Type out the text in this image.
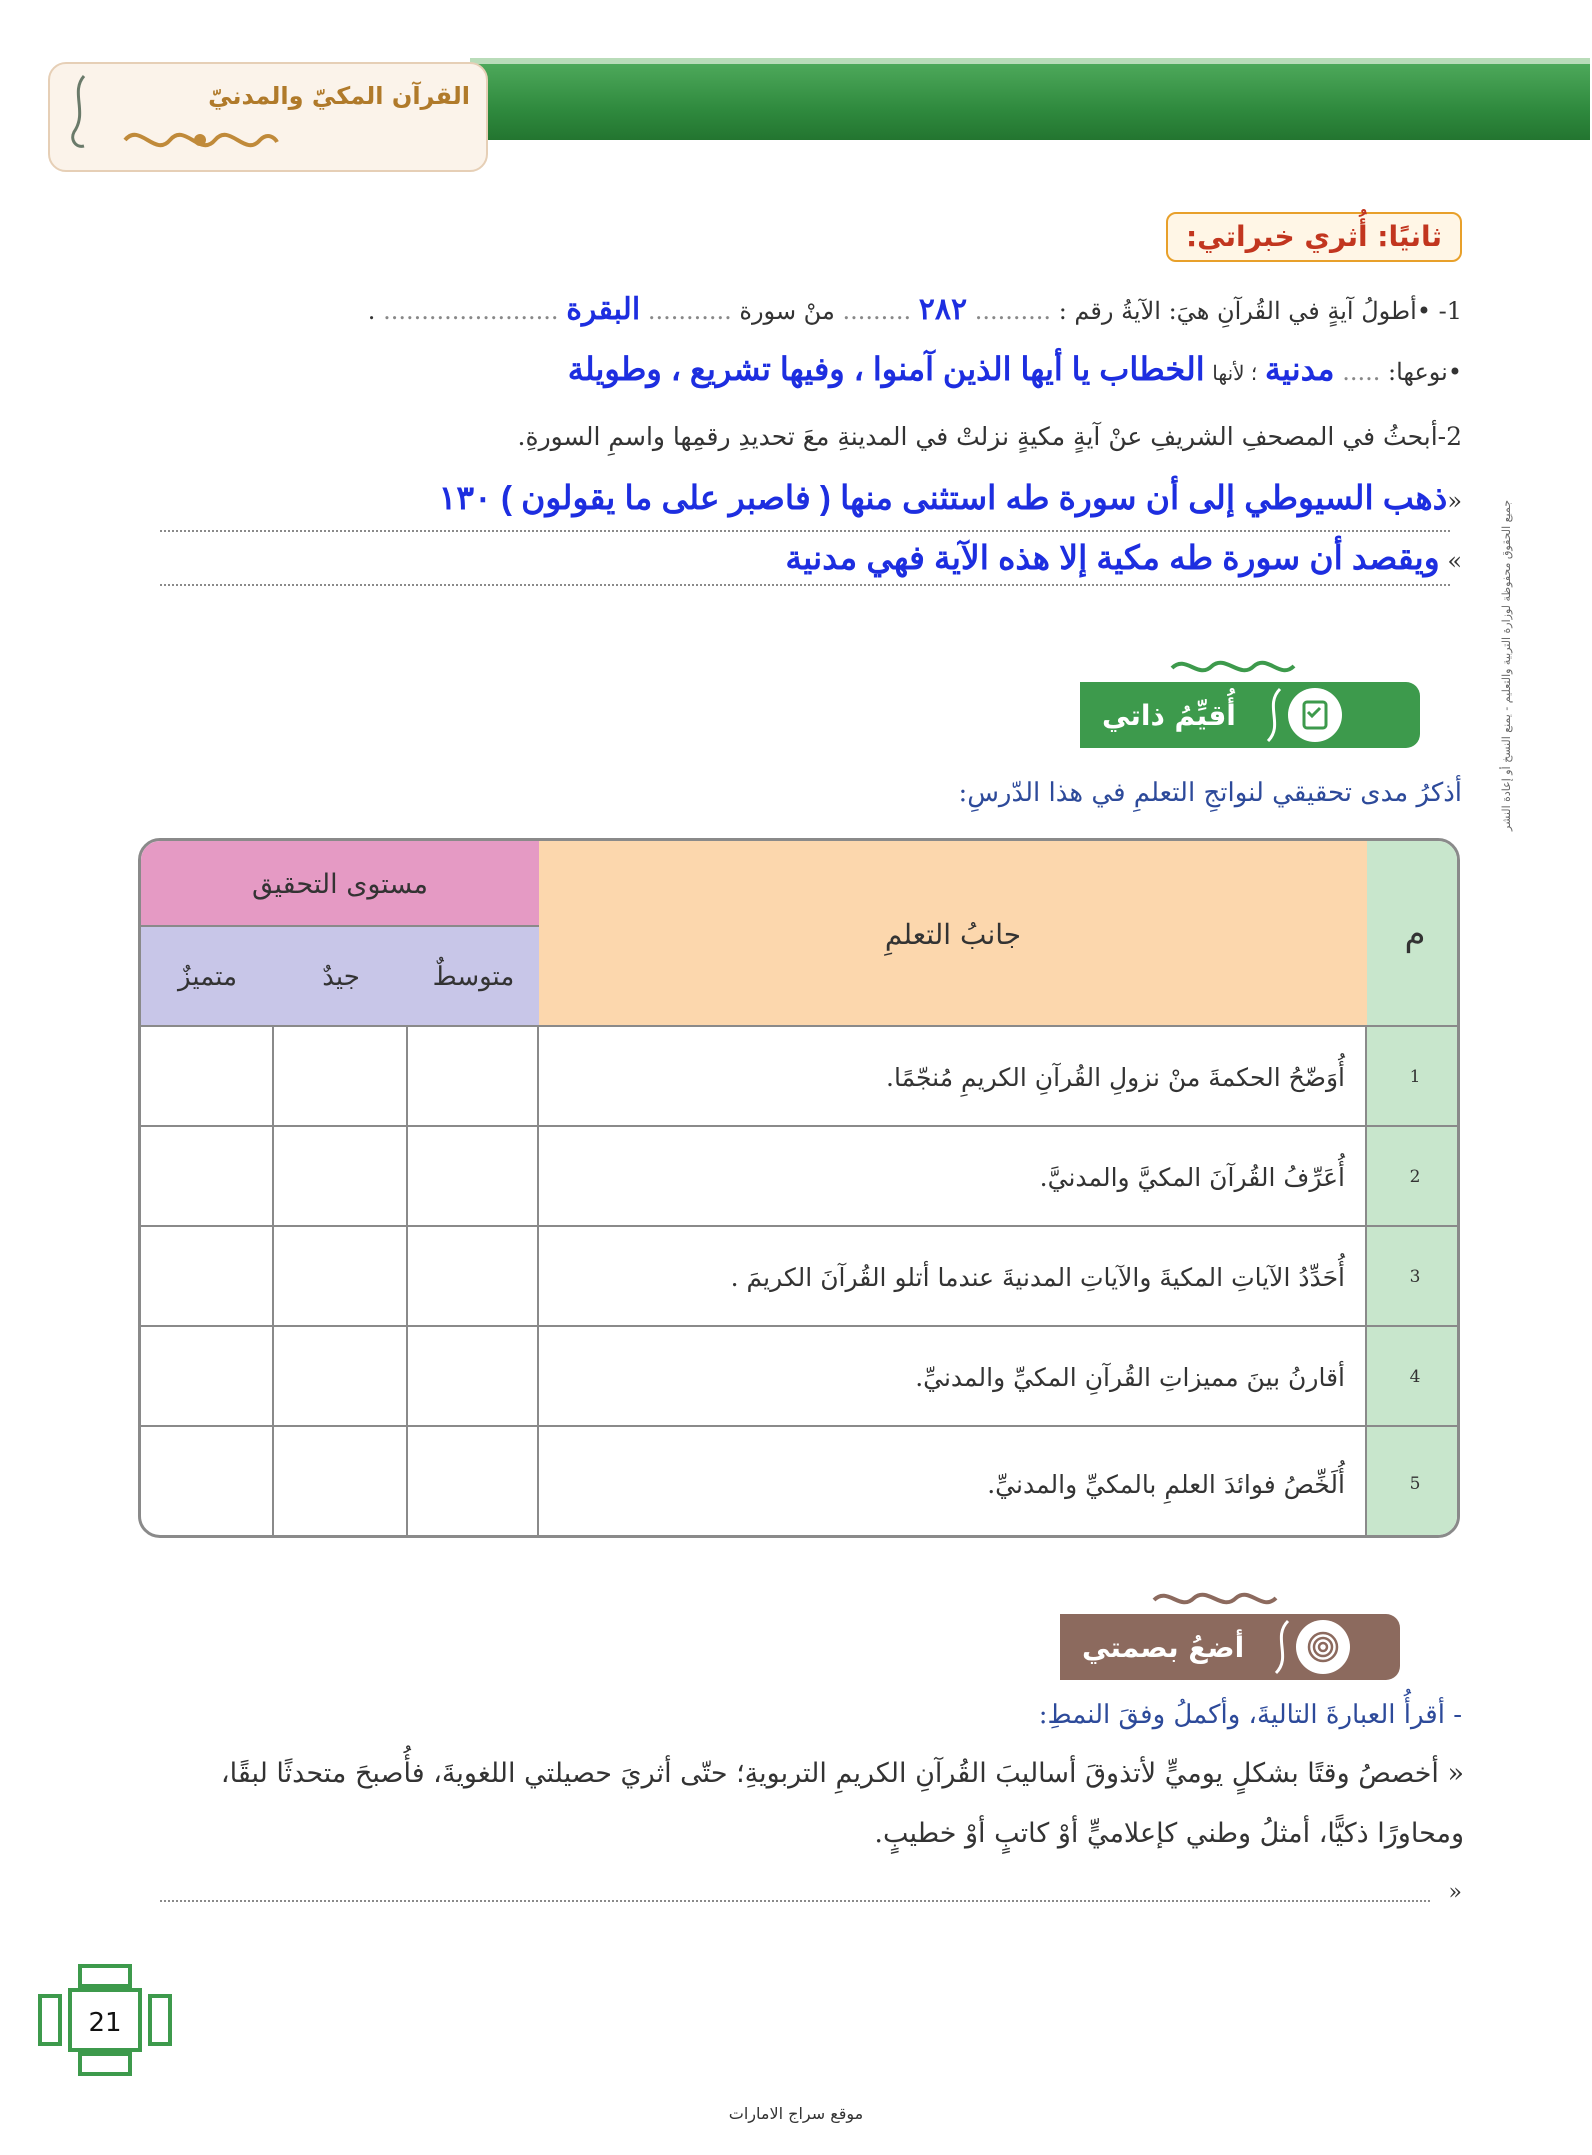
القرآن المكيّ والمدنيّ
ثانيًا: أُثري خبراتي:
1- •أطولُ آيةٍ في القُرآنِ هيَ: الآيةُ رقم : .......... ٢٨٢ ......... منْ سورة ........... البقرة ....................... .
•نوعها: ..... مدنية ؛ لأنها الخطاب يا أيها الذين آمنوا ، وفيها تشريع ، وطويلة
2-أبحثُ في المصحفِ الشريفِ عنْ آيةٍ مكيةٍ نزلتْ في المدينةِ معَ تحديدِ رقمِها واسمِ السورةِ.
«ذهب السيوطي إلى أن سورة طه استثنى منها ( فاصبر على ما يقولون ) ١٣٠
» ويقصد أن سورة طه مكية إلا هذه الآية فهي مدنية
أُقيِّمُ ذاتي
أذكرُ مدى تحقيقي لنواتجِ التعلمِ في هذا الدّرسِ:
م
جانبُ التعلمِ
مستوى التحقيق
متوسطٌ
جيدٌ
متميزٌ
1
أُوَضّحُ الحكمةَ منْ نزولِ القُرآنِ الكريمِ مُنجّمًا.
2
أُعَرِّفُ القُرآنَ المكيَّ والمدنيَّ.
3
أُحَدِّدُ الآياتِ المكيةَ والآياتِ المدنيةَ عندما أتلو القُرآنَ الكريمَ .
4
أقارنُ بينَ مميزاتِ القُرآنِ المكيِّ والمدنيِّ.
5
أُلَخِّصُ فوائدَ العلمِ بالمكيِّ والمدنيِّ.
أضعُ بصمتي
- أقرأُ العبارةَ التاليةَ، وأكملُ وفقَ النمطِ:
« أخصصُ وقتًا بشكلٍ يوميٍّ لأتذوقَ أساليبَ القُرآنِ الكريمِ التربويةِ؛ حتّى أثريَ حصيلتي اللغويةَ، فأُصبحَ متحدثًا لبقًا، ومحاورًا ذكيًّا، أمثلُ وطني كإعلاميٍّ أوْ كاتبٍ أوْ خطيبٍ.
«
جميع الحقوق محفوظة لوزارة التربية والتعليم - يمنع النسخ أو إعادة النشر
21
موقع سراج الامارات
